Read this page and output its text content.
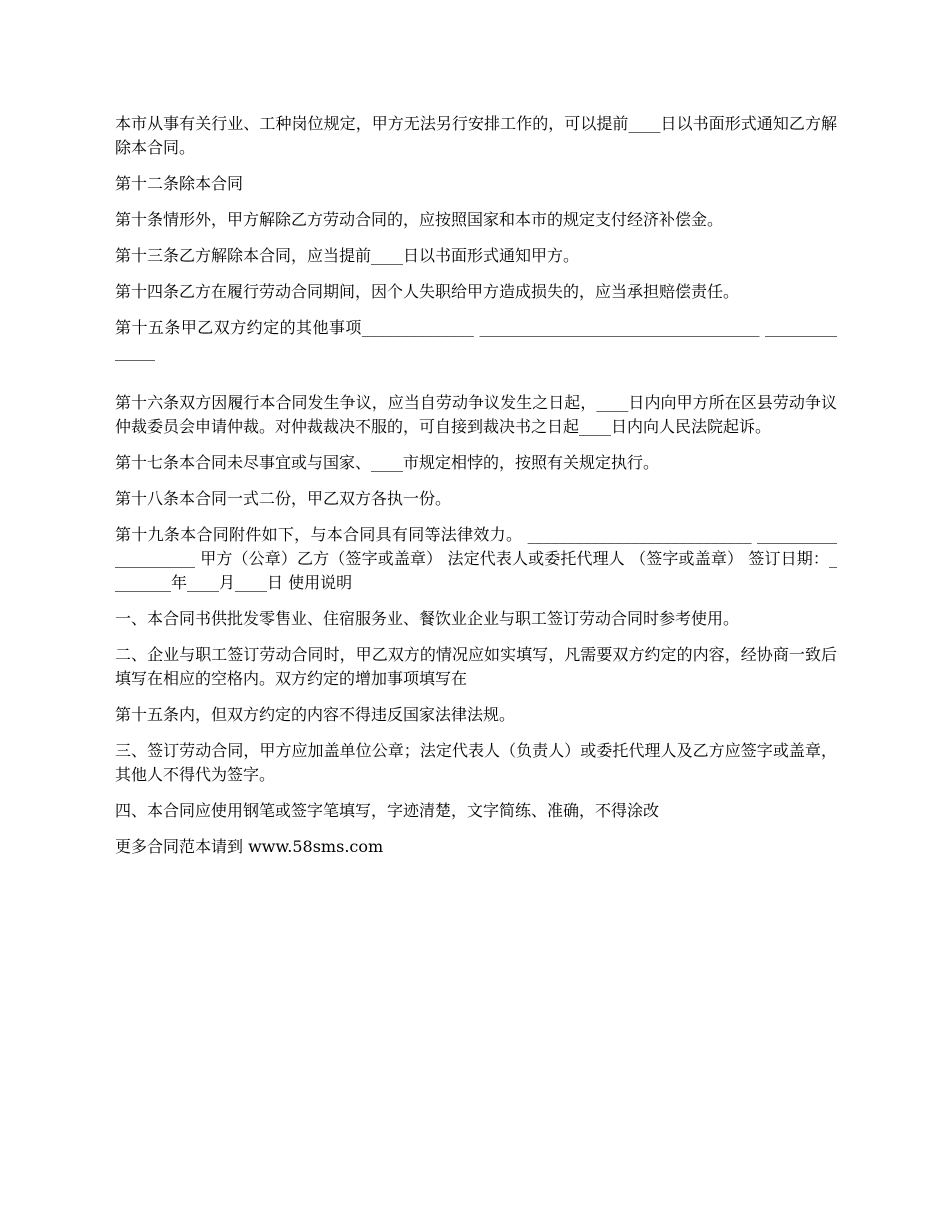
本市从事有关行业、工种岗位规定，甲方无法另行安排工作的，可以提前____日以书面形式通知乙方解除本合同。

第十二条除本合同

第十条情形外，甲方解除乙方劳动合同的，应按照国家和本市的规定支付经济补偿金。

第十三条乙方解除本合同，应当提前____日以书面形式通知甲方。

第十四条乙方在履行劳动合同期间，因个人失职给甲方造成损失的，应当承担赔偿责任。

第十五条甲乙双方约定的其他事项______________ ___________________________________ ______________

第十六条双方因履行本合同发生争议，应当自劳动争议发生之日起，____日内向甲方所在区县劳动争议仲裁委员会申请仲裁。对仲裁裁决不服的，可自接到裁决书之日起____日内向人民法院起诉。

第十七条本合同未尽事宜或与国家、____市规定相悖的，按照有关规定执行。

第十八条本合同一式二份，甲乙双方各执一份。

第十九条本合同附件如下，与本合同具有同等法律效力。 ____________________________ ____________________ 甲方（公章）乙方（签字或盖章） 法定代表人或委托代理人 （签字或盖章） 签订日期：________年____月____日 使用说明

一、本合同书供批发零售业、住宿服务业、餐饮业企业与职工签订劳动合同时参考使用。

二、企业与职工签订劳动合同时，甲乙双方的情况应如实填写，凡需要双方约定的内容，经协商一致后填写在相应的空格内。双方约定的增加事项填写在

第十五条内，但双方约定的内容不得违反国家法律法规。

三、签订劳动合同，甲方应加盖单位公章；法定代表人（负责人）或委托代理人及乙方应签字或盖章，其他人不得代为签字。

四、本合同应使用钢笔或签字笔填写，字迹清楚，文字简练、准确，不得涂改

更多合同范本请到 www.58sms.com
